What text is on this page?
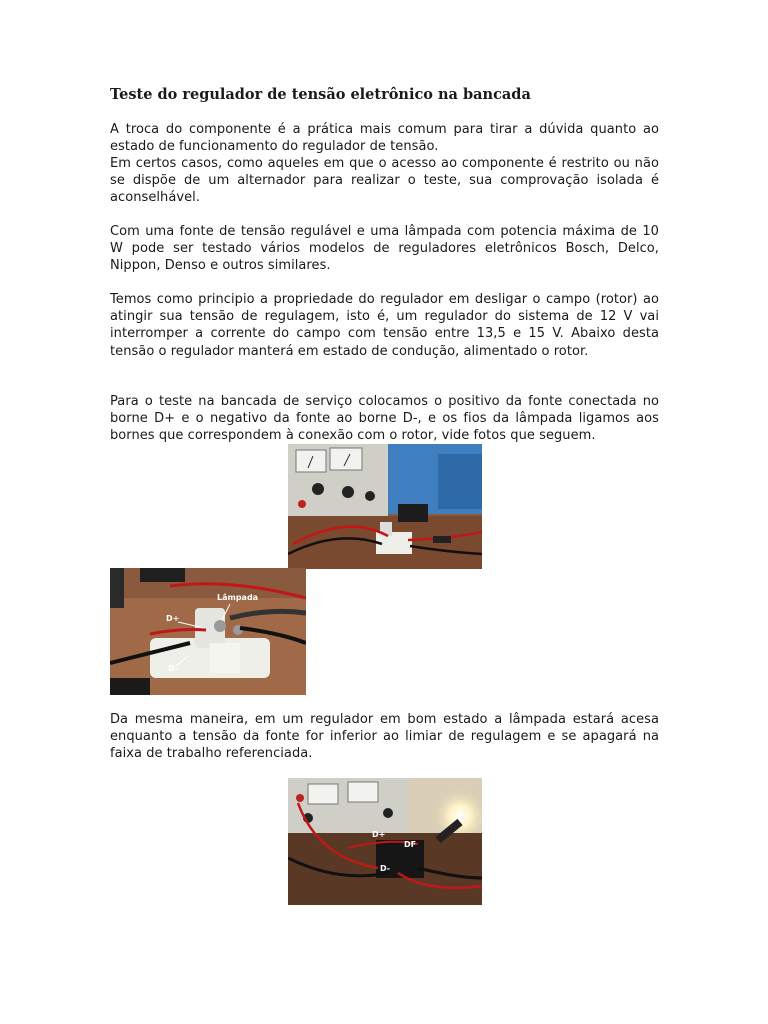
Teste do regulador de tensão eletrônico na bancada
A troca do componente é a prática mais comum para tirar a dúvida quanto ao estado de funcionamento do regulador de tensão.
Em certos casos, como aqueles em que o acesso ao componente é restrito ou não se dispõe de um alternador para realizar o teste, sua comprovação isolada é aconselhável.
Com uma fonte de tensão regulável e uma lâmpada com potencia máxima de 10 W pode ser testado vários modelos de reguladores eletrônicos Bosch, Delco, Nippon, Denso e outros similares.
Temos como principio a propriedade do regulador em desligar o campo (rotor) ao atingir sua tensão de regulagem, isto é, um regulador do sistema de 12 V vai interromper a corrente do campo com tensão entre 13,5 e 15 V. Abaixo desta tensão o regulador manterá em estado de condução, alimentado o rotor.
Para o teste na bancada de serviço colocamos o positivo da fonte conectada no borne D+ e o negativo da fonte ao borne D-, e os fios da lâmpada ligamos aos bornes que correspondem à conexão com o rotor, vide fotos que seguem.
Da mesma maneira, em um regulador em bom estado a lâmpada estará acesa enquanto a tensão da fonte for inferior ao limiar de regulagem e se apagará na faixa de trabalho referenciada.
Lâmpada
D+
D-
D+
DF
D-
